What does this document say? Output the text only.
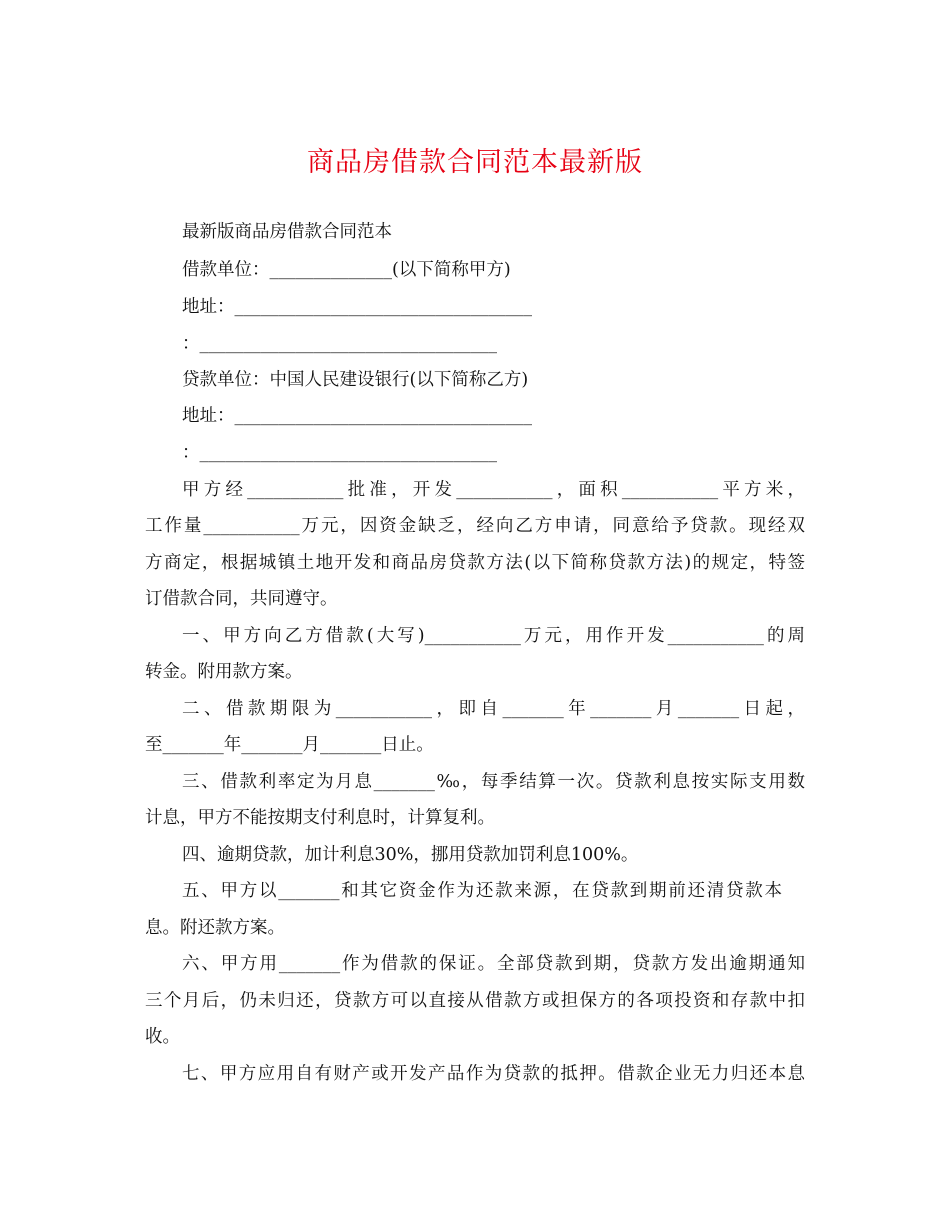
商品房借款合同范本最新版
最新版商品房借款合同范本
借款单位：______________(以下简称甲方)
地址：__________________________________
：__________________________________
贷款单位：中国人民建设银行(以下简称乙方)
地址：__________________________________
：__________________________________
甲方经___________批准，开发___________，面积___________平方米，
工作量___________万元，因资金缺乏，经向乙方申请，同意给予贷款。现经双
方商定，根据城镇土地开发和商品房贷款方法(以下简称贷款方法)的规定，特签
订借款合同，共同遵守。
一、甲方向乙方借款(大写)___________万元，用作开发___________的周
转金。附用款方案。
二、借款期限为___________，即自_______年_______月_______日起，
至_______年_______月_______日止。
三、借款利率定为月息_______‰，每季结算一次。贷款利息按实际支用数
计息，甲方不能按期支付利息时，计算复利。
四、逾期贷款，加计利息30%，挪用贷款加罚利息100%。
五、甲方以_______和其它资金作为还款来源，在贷款到期前还清贷款本
息。附还款方案。
六、甲方用_______作为借款的保证。全部贷款到期，贷款方发出逾期通知
三个月后，仍未归还，贷款方可以直接从借款方或担保方的各项投资和存款中扣
收。
七、甲方应用自有财产或开发产品作为贷款的抵押。借款企业无力归还本息
